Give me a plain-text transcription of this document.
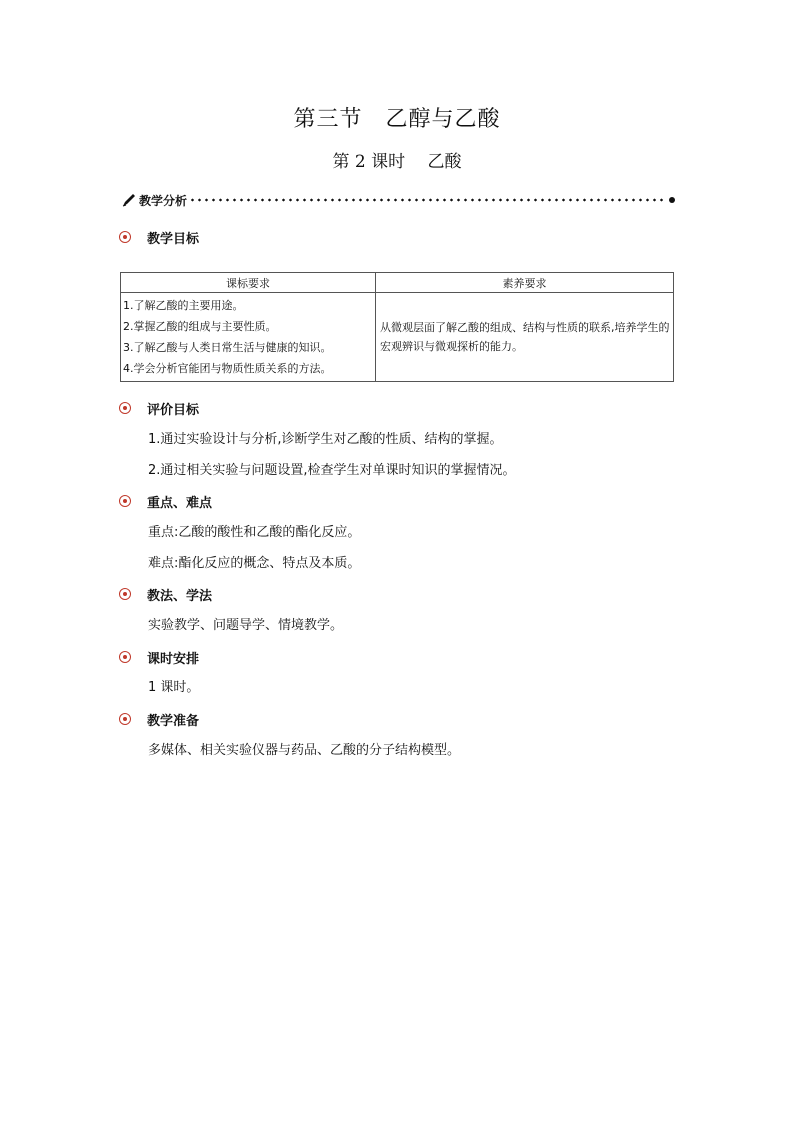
第三节　乙醇与乙酸
第 2 课时　 乙酸
教学分析
教学目标
课标要求	素养要求

1.了解乙酸的主要用途。
2.掌握乙酸的组成与主要性质。
3.了解乙酸与人类日常生活与健康的知识。
4.学会分析官能团与物质性质关系的方法。	从微观层面了解乙酸的组成、结构与性质的联系,培养学生的宏观辨识与微观探析的能力。
评价目标
1.通过实验设计与分析,诊断学生对乙酸的性质、结构的掌握。
2.通过相关实验与问题设置,检查学生对单课时知识的掌握情况。
重点、难点
重点:乙酸的酸性和乙酸的酯化反应。
难点:酯化反应的概念、特点及本质。
教法、学法
实验教学、问题导学、情境教学。
课时安排
1 课时。
教学准备
多媒体、相关实验仪器与药品、乙酸的分子结构模型。
